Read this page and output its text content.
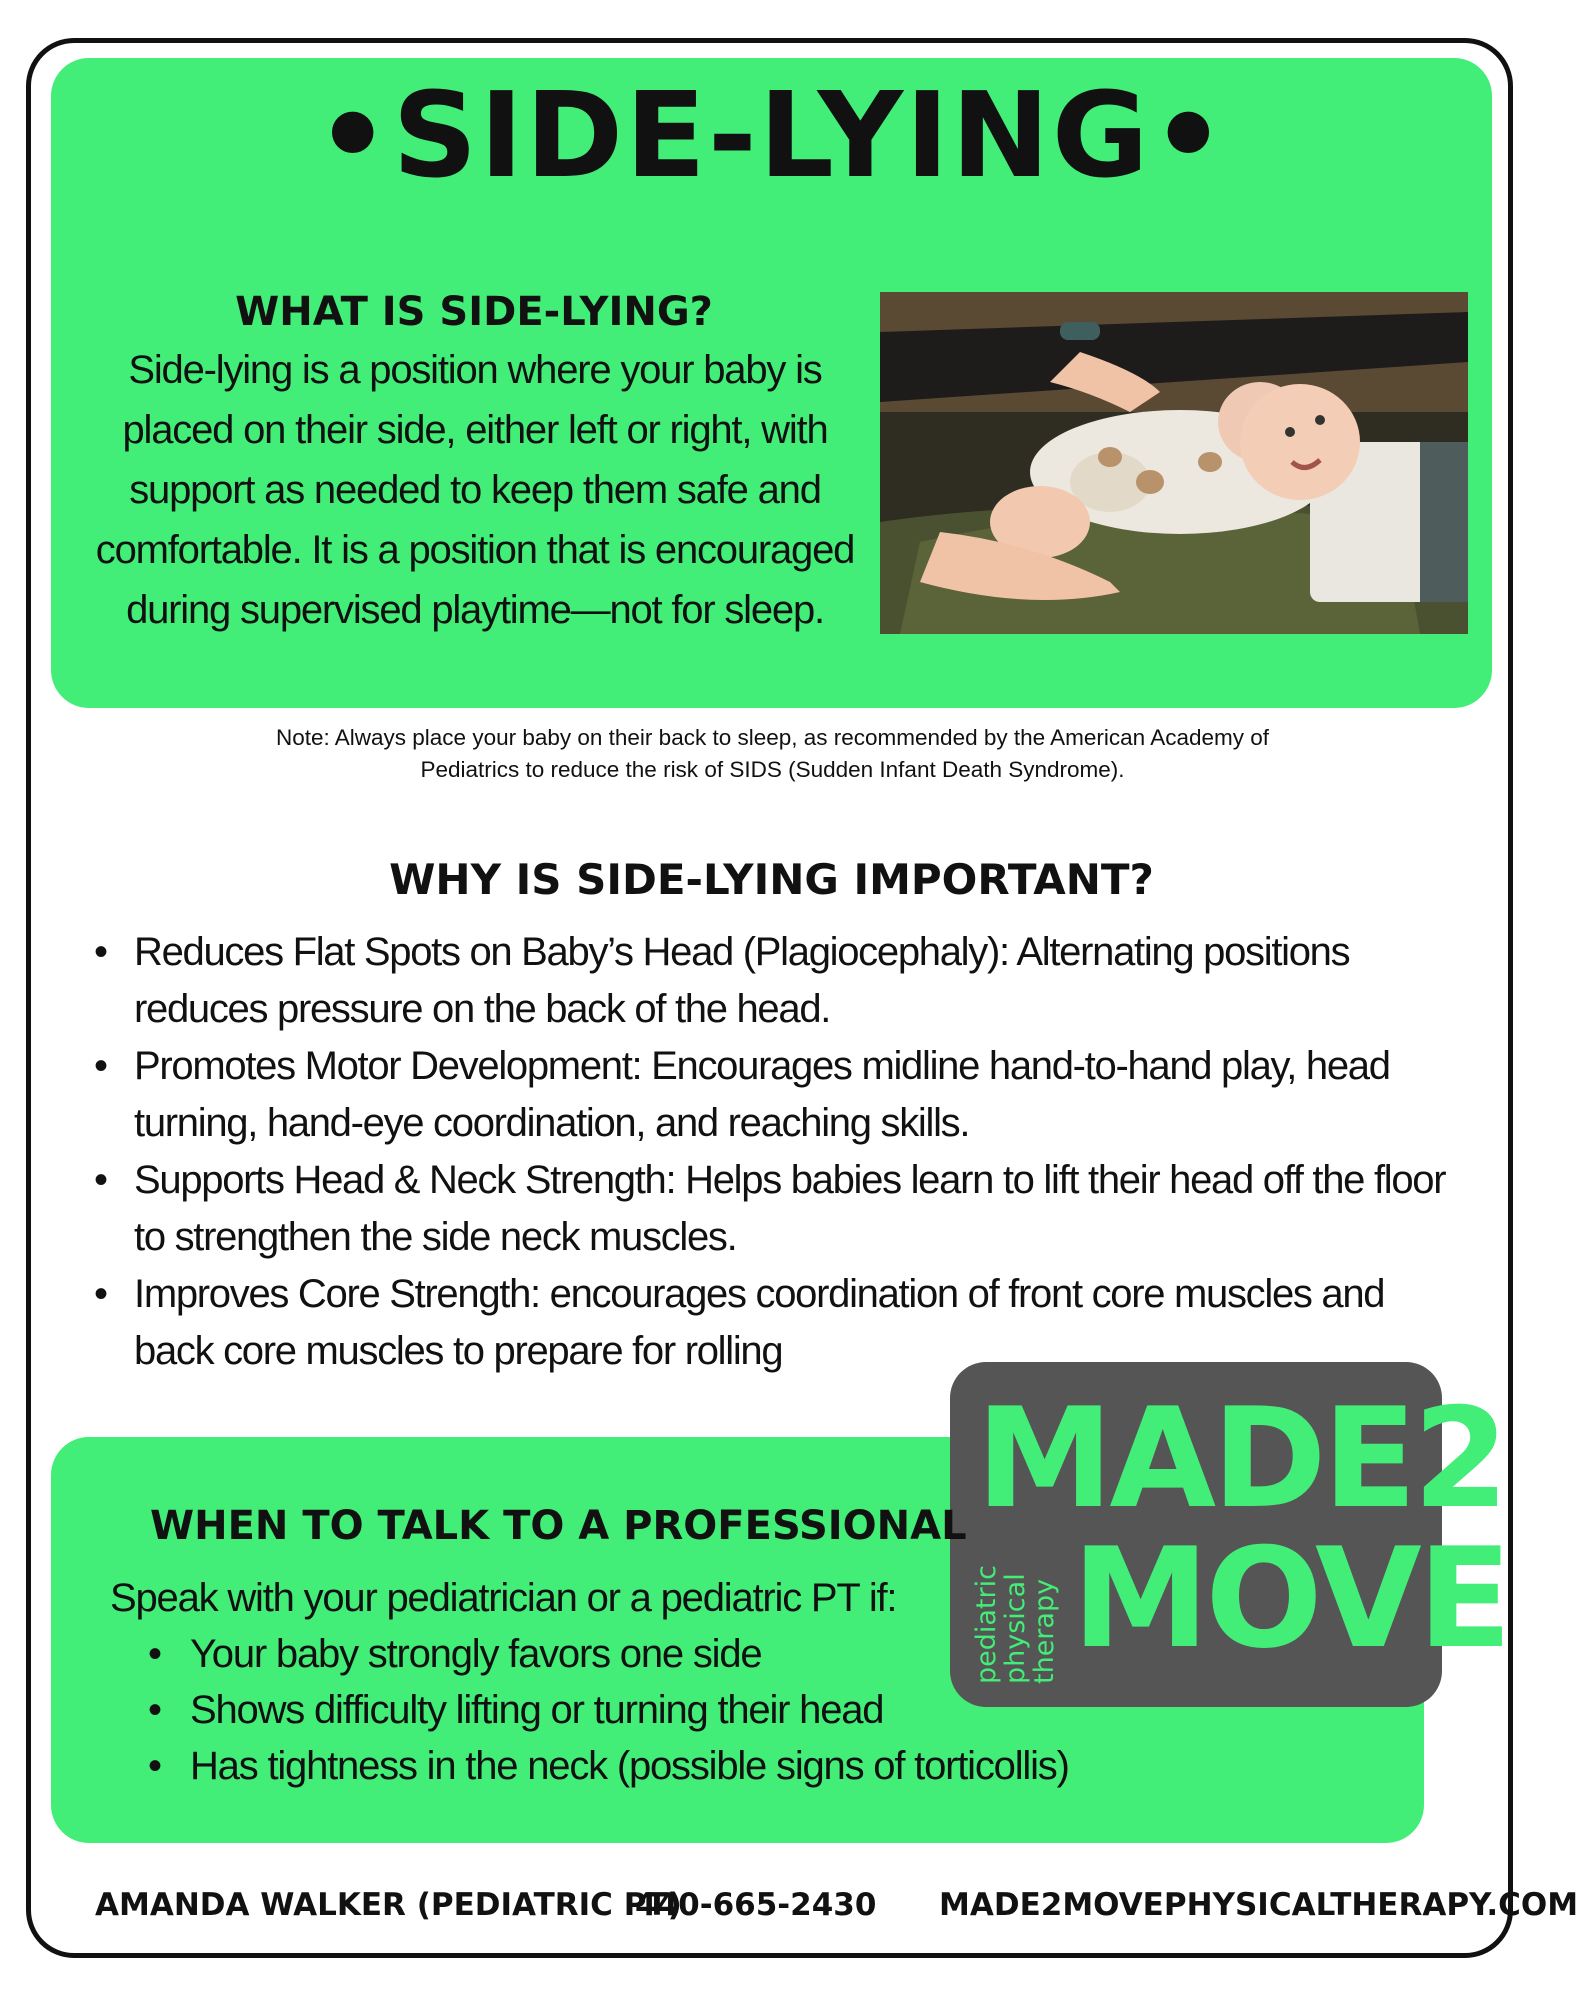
•SIDE-LYING•
WHAT IS SIDE-LYING?

Side-lying is a position where your baby is placed on their side, either left or right, with support as needed to keep them safe and comfortable. It is a position that is encouraged during supervised playtime—not for sleep.

Note: Always place your baby on their back to sleep, as recommended by the American Academy of
Pediatrics to reduce the risk of SIDS (Sudden Infant Death Syndrome).

WHY IS SIDE-LYING IMPORTANT?
• Reduces Flat Spots on Baby’s Head (Plagiocephaly): Alternating positions reduces pressure on the back of the head.
• Promotes Motor Development: Encourages midline hand-to-hand play, head turning, hand-eye coordination, and reaching skills.
• Supports Head & Neck Strength: Helps babies learn to lift their head off the floor to strengthen the side neck muscles.
• Improves Core Strength: encourages coordination of front core muscles and back core muscles to prepare for rolling

MADE2

MOVE

pediatric
physical
therapy

WHEN TO TALK TO A PROFESSIONAL

Speak with your pediatrician or a pediatric PT if:

• Your baby strongly favors one side
• Shows difficulty lifting or turning their head
• Has tightness in the neck (possible signs of torticollis)
AMANDA WALKER (PEDIATRIC PT)
440-665-2430 MADE2MOVEPHYSICALTHERAPY.COM
